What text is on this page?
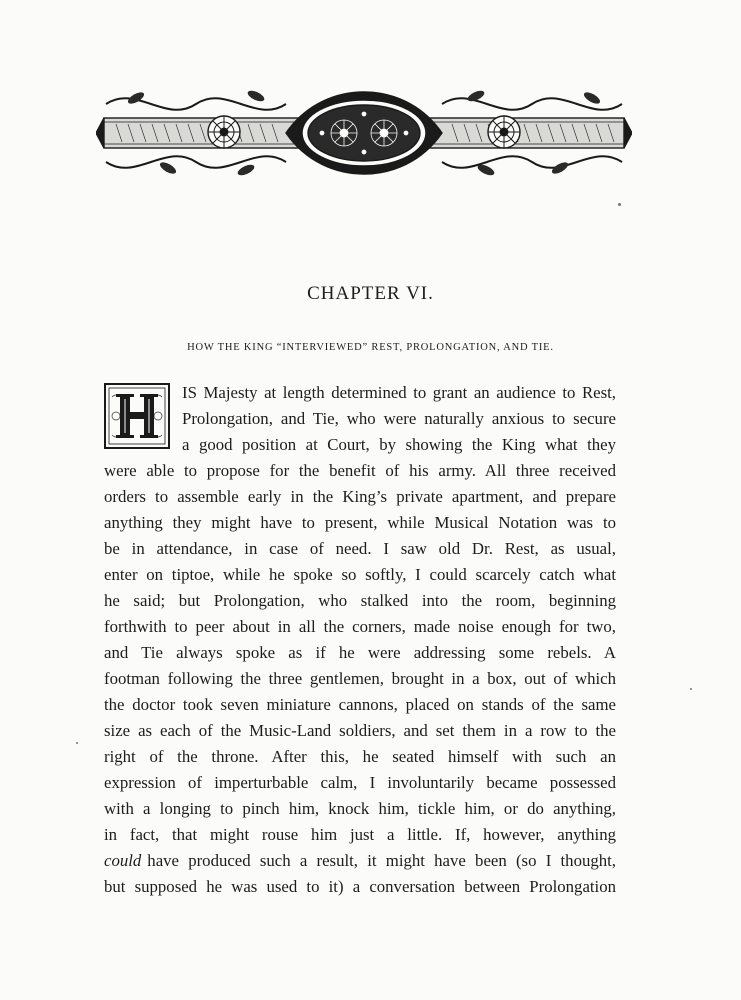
CHAPTER VI.
HOW THE KING “INTERVIEWED” REST, PROLONGATION, AND TIE.
IS Majesty at length determined to grant an audience to Rest,
Prolongation, and Tie, who were naturally anxious to secure
a good position at Court, by showing the King what they
were able to propose for the benefit of his army. All three received
orders to assemble early in the King’s private apartment, and prepare
anything they might have to present, while Musical Notation was to
be in attendance, in case of need. I saw old Dr. Rest, as usual,
enter on tiptoe, while he spoke so softly, I could scarcely catch what
he said; but Prolongation, who stalked into the room, beginning
forthwith to peer about in all the corners, made noise enough for two,
and Tie always spoke as if he were addressing some rebels. A
footman following the three gentlemen, brought in a box, out of which
the doctor took seven miniature cannons, placed on stands of the same
size as each of the Music-Land soldiers, and set them in a row to the
right of the throne. After this, he seated himself with such an
expression of imperturbable calm, I involuntarily became possessed
with a longing to pinch him, knock him, tickle him, or do anything,
in fact, that might rouse him just a little. If, however, anything
could have produced such a result, it might have been (so I thought,
but supposed he was used to it) a conversation between Prolongation
